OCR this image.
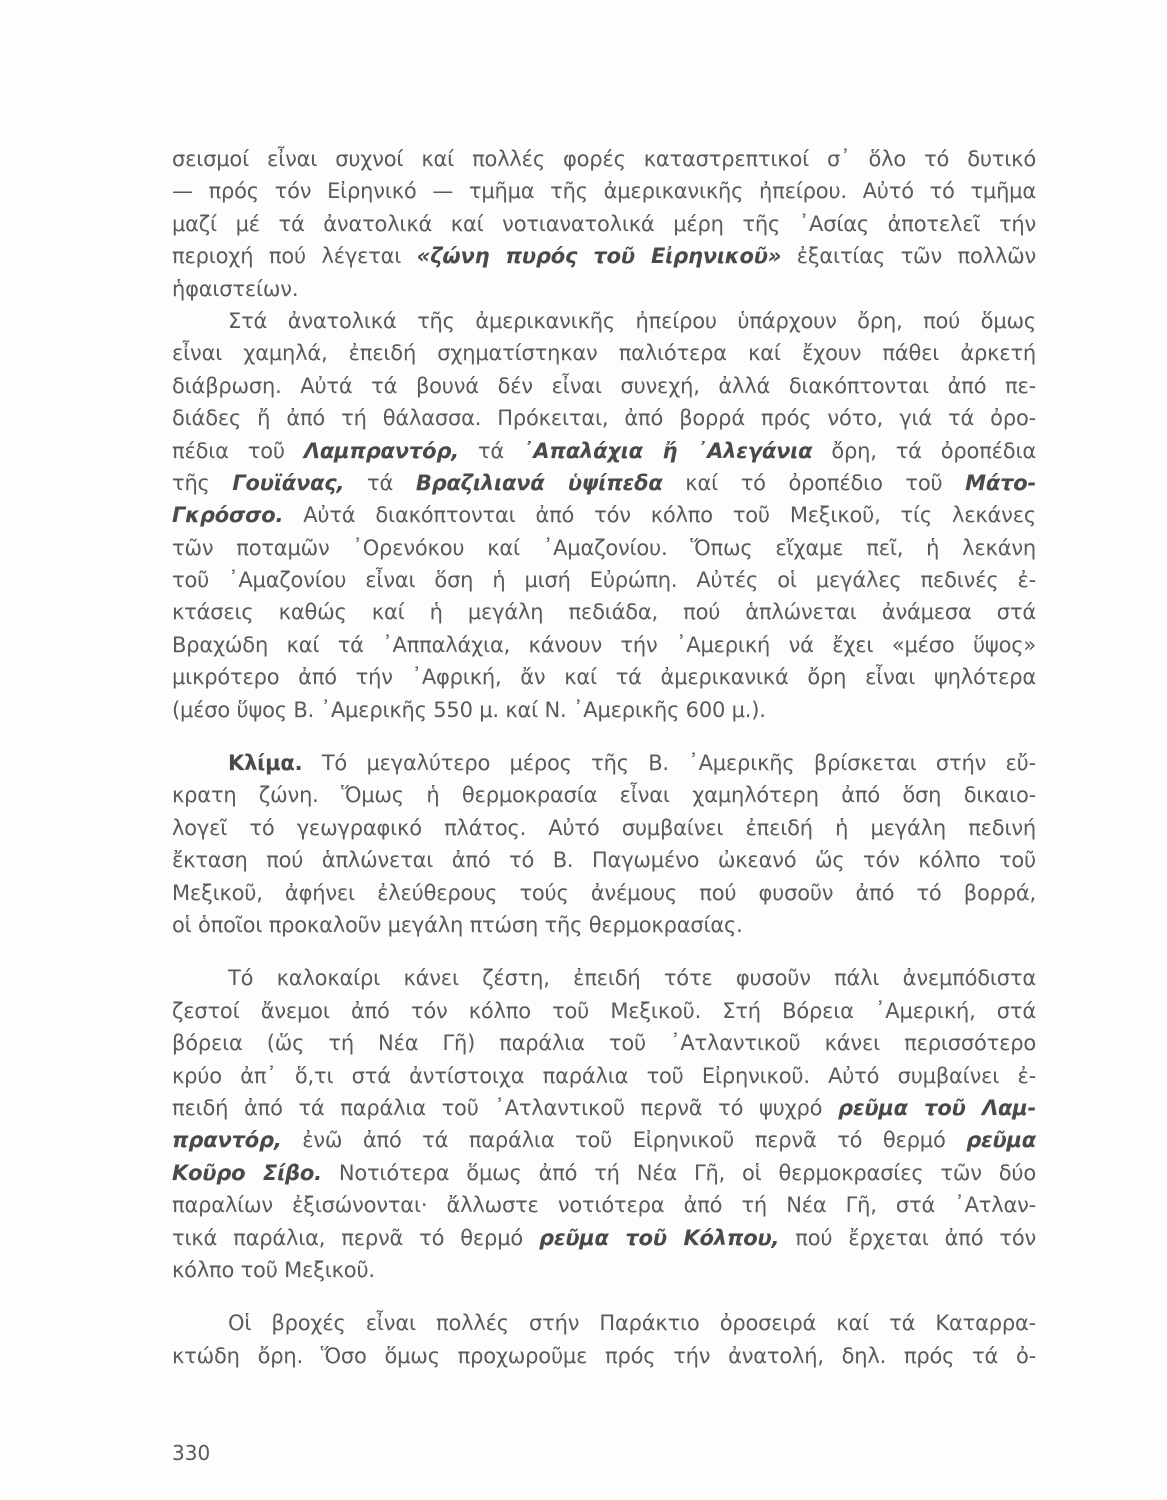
σεισμοί εἶναι συχνοί καί πολλές φορές καταστρεπτικοί σ᾽ ὅλο τό δυτικό
— πρός τόν Εἰρηνικό — τμῆμα τῆς ἀμερικανικῆς ἠπείρου. Αὐτό τό τμῆμα
μαζί μέ τά ἀνατολικά καί νοτιανατολικά μέρη τῆς ᾿Ασίας ἀποτελεῖ τήν
περιοχή πού λέγεται «ζώνη πυρός τοῦ Εἰρηνικοῦ» ἐξαιτίας τῶν πολλῶν
ἡφαιστείων.
Στά ἀνατολικά τῆς ἀμερικανικῆς ἠπείρου ὑπάρχουν ὄρη, πού ὅμως
εἶναι χαμηλά, ἐπειδή σχηματίστηκαν παλιότερα καί ἔχουν πάθει ἀρκετή
διάβρωση. Αὐτά τά βουνά δέν εἶναι συνεχή, ἀλλά διακόπτονται ἀπό πε-
διάδες ἤ ἀπό τή θάλασσα. Πρόκειται, ἀπό βορρά πρός νότο, γιά τά ὀρο-
πέδια τοῦ Λαμπραντόρ, τά ᾿Απαλάχια ἤ ᾿Αλεγάνια ὄρη, τά ὀροπέδια
τῆς Γουϊάνας, τά Βραζιλιανά ὑψίπεδα καί τό ὀροπέδιο τοῦ Μάτο-
Γκρόσσο. Αὐτά διακόπτονται ἀπό τόν κόλπο τοῦ Μεξικοῦ, τίς λεκάνες
τῶν ποταμῶν ᾿Ορενόκου καί ᾿Αμαζονίου. Ὅπως εἴχαμε πεῖ, ἡ λεκάνη
τοῦ ᾿Αμαζονίου εἶναι ὅση ἡ μισή Εὐρώπη. Αὐτές οἱ μεγάλες πεδινές ἐ-
κτάσεις καθώς καί ἡ μεγάλη πεδιάδα, πού ἁπλώνεται ἀνάμεσα στά
Βραχώδη καί τά ᾿Αππαλάχια, κάνουν τήν ᾿Αμερική νά ἔχει «μέσο ὕψος»
μικρότερο ἀπό τήν ᾿Αφρική, ἄν καί τά ἀμερικανικά ὄρη εἶναι ψηλότερα
(μέσο ὕψος Β. ᾿Αμερικῆς 550 μ. καί Ν. ᾿Αμερικῆς 600 μ.).
Κλίμα. Τό μεγαλύτερο μέρος τῆς Β. ᾿Αμερικῆς βρίσκεται στήν εὔ-
κρατη ζώνη. Ὅμως ἡ θερμοκρασία εἶναι χαμηλότερη ἀπό ὅση δικαιο-
λογεῖ τό γεωγραφικό πλάτος. Αὐτό συμβαίνει ἐπειδή ἡ μεγάλη πεδινή
ἔκταση πού ἁπλώνεται ἀπό τό Β. Παγωμένο ὠκεανό ὥς τόν κόλπο τοῦ
Μεξικοῦ, ἀφήνει ἐλεύθερους τούς ἀνέμους πού φυσοῦν ἀπό τό βορρά,
οἱ ὁποῖοι προκαλοῦν μεγάλη πτώση τῆς θερμοκρασίας.
Τό καλοκαίρι κάνει ζέστη, ἐπειδή τότε φυσοῦν πάλι ἀνεμπόδιστα
ζεστοί ἄνεμοι ἀπό τόν κόλπο τοῦ Μεξικοῦ. Στή Βόρεια ᾿Αμερική, στά
βόρεια (ὥς τή Νέα Γῆ) παράλια τοῦ ᾿Ατλαντικοῦ κάνει περισσότερο
κρύο ἀπ᾽ ὅ,τι στά ἀντίστοιχα παράλια τοῦ Εἰρηνικοῦ. Αὐτό συμβαίνει ἐ-
πειδή ἀπό τά παράλια τοῦ ᾿Ατλαντικοῦ περνᾶ τό ψυχρό ρεῦμα τοῦ Λαμ-
πραντόρ, ἐνῶ ἀπό τά παράλια τοῦ Εἰρηνικοῦ περνᾶ τό θερμό ρεῦμα
Κοῦρο Σίβο. Νοτιότερα ὅμως ἀπό τή Νέα Γῆ, οἱ θερμοκρασίες τῶν δύο
παραλίων ἐξισώνονται· ἄλλωστε νοτιότερα ἀπό τή Νέα Γῆ, στά ᾿Ατλαν-
τικά παράλια, περνᾶ τό θερμό ρεῦμα τοῦ Κόλπου, πού ἔρχεται ἀπό τόν
κόλπο τοῦ Μεξικοῦ.
Οἱ βροχές εἶναι πολλές στήν Παράκτιο ὀροσειρά καί τά Καταρρα-
κτώδη ὄρη. Ὅσο ὅμως προχωροῦμε πρός τήν ἀνατολή, δηλ. πρός τά ὀ-
330
